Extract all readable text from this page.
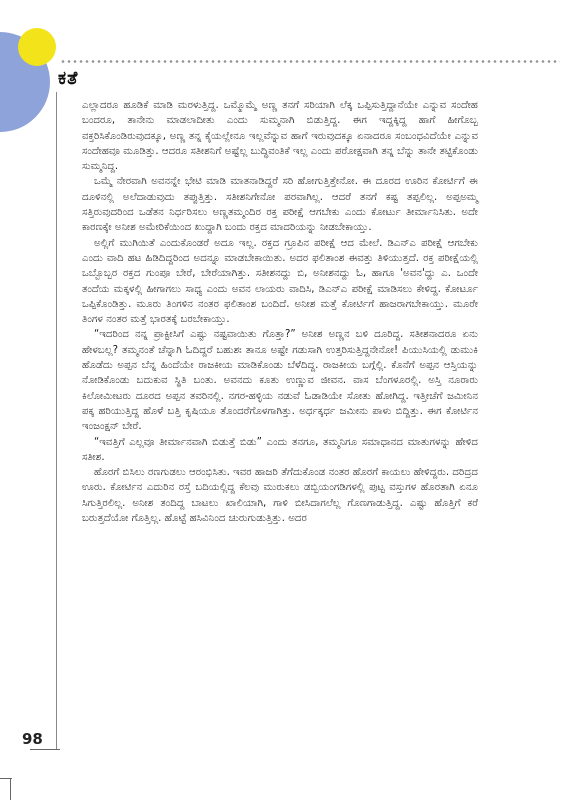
ಕತೆ

ಎಲ್ಲಾದರೂ ಹೂಡಿಕೆ ಮಾಡಿ ಮರಳುತ್ತಿದ್ದ. ಒಮ್ಮೊಮ್ಮೆ ಅಣ್ಣ ತನಗೆ ಸರಿಯಾಗಿ ಲೆಕ್ಕ ಒಪ್ಪಿಸುತ್ತಿದ್ದಾನೆಯೇ ಎನ್ನುವ ಸಂದೇಹ ಬಂದರೂ, ತಾನೇನು ಮಾಡಲಾದೀತು ಎಂದು ಸುಮ್ಮನಾಗಿ ಬಿಡುತ್ತಿದ್ದ. ಈಗ ಇದ್ದಕ್ಕಿದ್ದ ಹಾಗೆ ಹೀಗೊಬ್ಬ ವಕ್ತರಿಸಿಕೊಂಡಿರುವುದಕ್ಕೂ, ಅಣ್ಣ ತನ್ನ ಕೈಯಲ್ಲೇನೂ ಇಲ್ಲವೆನ್ನುವ ಹಾಗೆ ಇರುವುದಕ್ಕೂ ಏನಾದರೂ ಸಂಬಂಧವಿದೆಯೇ ಎನ್ನುವ ಸಂದೇಹವೂ ಮೂಡಿತ್ತು. ಆದರೂ ಸತೀಶನಿಗೆ ಅಷ್ಟೆಲ್ಲ ಬುದ್ಧಿವಂತಿಕೆ ಇಲ್ಲ ಎಂದು ಪರೋಕ್ಷವಾಗಿ ತನ್ನ ಬೆನ್ನು ತಾನೇ ತಟ್ಟಿಕೊಂಡು ಸುಮ್ಮನಿದ್ದ.

ಒಮ್ಮೆ ನೇರವಾಗಿ ಅವನನ್ನೇ ಭೇಟಿ ಮಾಡಿ ಮಾತನಾಡಿದ್ದರೆ ಸರಿ ಹೋಗುತ್ತಿತ್ತೇನೋ. ಈ ದೂರದ ಊರಿನ ಕೋರ್ಟಿಗೆ ಈ ದೂಳಿನಲ್ಲಿ ಅಲೆದಾಡುವುದು ತಪ್ಪುತ್ತಿತ್ತು. ಸತೀಶನಿಗೇನೋ ಪರವಾಗಿಲ್ಲ. ಆದರೆ ತನಗೆ ಕಷ್ಟ ತಪ್ಪಲಿಲ್ಲ. ಅಪ್ಪಅಮ್ಮ ಸತ್ತಿರುವುದರಿಂದ ಒಡೆತನ ನಿರ್ಧರಿಸಲು ಅಣ್ಣತಮ್ಮಂದಿರ ರಕ್ತ ಪರೀಕ್ಷೆ ಆಗಬೇಕು ಎಂದು ಕೋರ್ಟು ತೀರ್ಮಾನಿಸಿತು. ಅದೇ ಕಾರಣಕ್ಕೇ ಅನೀಶ ಅಮೇರಿಕೆಯಿಂದ ಖುದ್ದಾಗಿ ಬಂದು ರಕ್ತದ ಮಾದರಿಯನ್ನು ನೀಡಬೇಕಾಯ್ತು.

ಅಲ್ಲಿಗೆ ಮುಗಿಯಿತೆ ಎಂದುಕೊಂಡರೆ ಅದೂ ಇಲ್ಲ. ರಕ್ತದ ಗ್ರೂಪಿನ ಪರೀಕ್ಷೆ ಆದ ಮೇಲೆ. ಡಿಎನ್‌ಎ ಪರೀಕ್ಷೆ ಆಗಬೇಕು ಎಂದು ವಾದಿ ಹಟ ಹಿಡಿದಿದ್ದರಿಂದ ಅದನ್ನೂ ಮಾಡಬೇಕಾಯಿತು. ಅದರ ಫಲಿತಾಂಶ ಈವತ್ತು ತಿಳಿಯುತ್ತದೆ. ರಕ್ತ ಪರೀಕ್ಷೆಯಲ್ಲಿ ಒಬ್ಬೊಬ್ಬರ ರಕ್ತದ ಗುಂಪೂ ಬೇರೆ, ಬೇರೆಯಾಗಿತ್ತು. ಸತೀಶನದ್ದು ಬಿ, ಅನೀಶನದ್ದು ಓ, ಹಾಗೂ 'ಅವನ'ದ್ದು ಎ. ಒಂದೇ ತಂದೆಯ ಮಕ್ಕಳಲ್ಲಿ ಹೀಗಾಗಲು ಸಾಧ್ಯ ಎಂದು ಅವನ ಲಾಯರು ವಾದಿಸಿ, ಡಿಎನ್‌ಎ ಪರೀಕ್ಷೆ ಮಾಡಿಸಲು ಕೇಳಿದ್ದ. ಕೋರ್ಟೂ ಒಪ್ಪಿಕೊಂಡಿತ್ತು. ಮೂರು ತಿಂಗಳಿನ ನಂತರ ಫಲಿತಾಂಶ ಬಂದಿದೆ. ಅನೀಶ ಮತ್ತೆ ಕೋರ್ಟಿಗೆ ಹಾಜರಾಗಬೇಕಾಯ್ತು. ಮೂರೇ ತಿಂಗಳ ನಂತರ ಮತ್ತೆ ಭಾರತಕ್ಕೆ ಬರಬೇಕಾಯ್ತು.

“ಇದರಿಂದ ನನ್ನ ಪ್ರಾಕ್ಟೀಸಿಗೆ ಎಷ್ಟು ನಷ್ಟವಾಯಿತು ಗೊತ್ತಾ?” ಅನೀಶ ಅಣ್ಣನ ಬಳಿ ದೂರಿದ್ದ. ಸತೀಶನಾದರೂ ಏನು ಹೇಳಬಲ್ಲ? ತಮ್ಮನಂತೆ ಚೆನ್ನಾಗಿ ಓದಿದ್ದರೆ ಬಹುಶಃ ತಾನೂ ಅಷ್ಟೇ ಗಡುಸಾಗಿ ಉತ್ತರಿಸುತ್ತಿದ್ದನೇನೋ! ಪಿಯುಸಿಯಲ್ಲಿ ಡುಮುಕಿ ಹೊಡೆದು ಅಪ್ಪನ ಬೆನ್ನ ಹಿಂದೆಯೇ ರಾಜಕೀಯ ಮಾಡಿಕೊಂಡು ಬೆಳೆದಿದ್ದ. ರಾಜಕೀಯ ಬಗ್ಗೆಲ್ಲಿ. ಕೊನೆಗೆ ಅಪ್ಪನ ಆಸ್ತಿಯನ್ನು ನೋಡಿಕೊಂಡು ಬದುಕುವ ಸ್ಥಿತಿ ಬಂತು. ಅವನದು ಕೂತು ಉಣ್ಣುವ ಜೀವನ. ವಾಸ ಬೆಂಗಳೂರಲ್ಲಿ. ಅಸ್ತಿ ನೂರಾರು ಕಿಲೋಮೀಟರು ದೂರದ ಅಪ್ಪನ ತವರಿನಲ್ಲಿ. ನಗರ-ಹಳ್ಳಿಯ ನಡುವೆ ಓಡಾಡಿಯೇ ಸೋತು ಹೋಗಿದ್ದ. ಇತ್ತೀಚೆಗೆ ಜಮೀನಿನ ಪಕ್ಕ ಹರಿಯುತ್ತಿದ್ದ ಹೊಳೆ ಬತ್ತಿ ಕೃಷಿಯೂ ತೊಂದರೆಗೊಳಗಾಗಿತ್ತು. ಅರ್ಧಕ್ಕರ್ಧ ಜಮೀನು ಪಾಳು ಬಿದ್ದಿತ್ತು. ಈಗ ಕೋರ್ಟಿನ ಇಂಜಂಕ್ಷನ್ ಬೇರೆ.

“ಇವತ್ತಿಗೆ ಎಲ್ಲವೂ ತೀರ್ಮಾನವಾಗಿ ಬಿಡುತ್ತೆ ಬಿಡು” ಎಂದು ತನಗೂ, ತಮ್ಮನಿಗೂ ಸಮಾಧಾನದ ಮಾತುಗಳನ್ನು ಹೇಳಿದ ಸತೀಶ.

ಹೊರಗೆ ಬಿಸಿಲು ರಣಗುಡಲು ಆರಂಭಿಸಿತು. ಇವರ ಹಾಜರಿ ತೆಗೆದುಕೊಂಡ ನಂತರ ಹೊರಗೆ ಕಾಯಲು ಹೇಳಿದ್ದರು. ದರಿದ್ರದ ಊರು. ಕೋರ್ಟಿನ ಎದುರಿನ ರಸ್ತೆ ಬದಿಯಲ್ಲಿದ್ದ ಕೆಲವು ಮುರುಕಲು ಡಬ್ಬಿಯಂಗಡಿಗಳಲ್ಲಿ ಪುಟ್ಟ ವಸ್ತುಗಳ ಹೊರತಾಗಿ ಏನೂ ಸಿಗುತ್ತಿರಲಿಲ್ಲ. ಅನೀಶ ತಂದಿದ್ದ ಬಾಟಲು ಖಾಲಿಯಾಗಿ, ಗಾಳಿ ಬೀಸಿದಾಗಲೆಲ್ಲ ಗೊಣಗಾಡುತ್ತಿದ್ದ. ಎಷ್ಟು ಹೊತ್ತಿಗೆ ಕರೆ ಬರುತ್ತದೆಯೋ ಗೊತ್ತಿಲ್ಲ. ಹೊಟ್ಟೆ ಹಸಿವಿನಿಂದ ಚುರುಗುಡುತ್ತಿತ್ತು. ಅದರ

98
